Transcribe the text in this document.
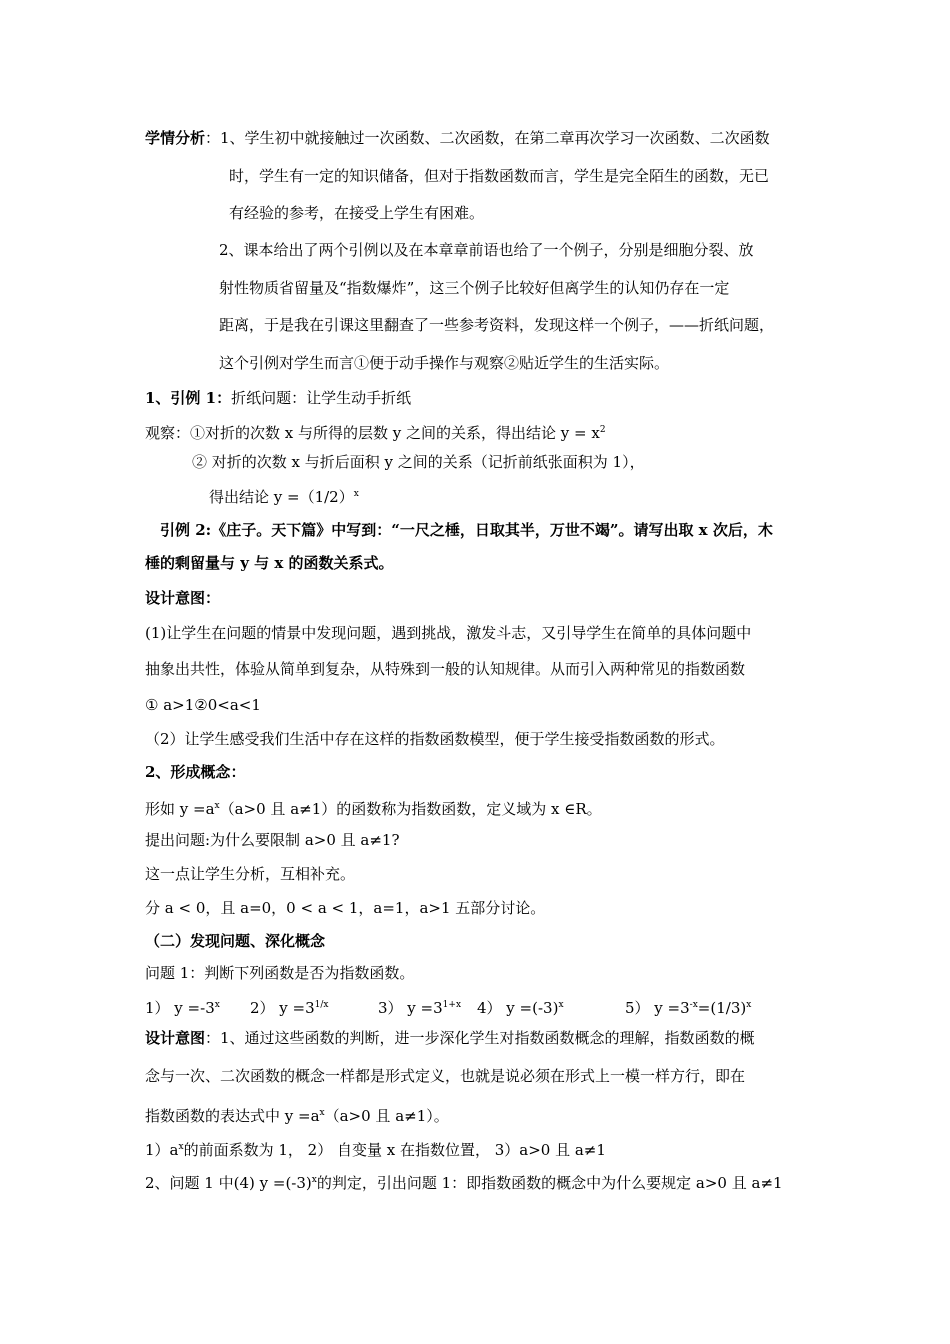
学情分析：1、学生初中就接触过一次函数、二次函数，在第二章再次学习一次函数、二次函数
时，学生有一定的知识储备，但对于指数函数而言，学生是完全陌生的函数，无已
有经验的参考，在接受上学生有困难。
2、课本给出了两个引例以及在本章章前语也给了一个例子，分别是细胞分裂、放
射性物质省留量及“指数爆炸”，这三个例子比较好但离学生的认知仍存在一定
距离，于是我在引课这里翻查了一些参考资料，发现这样一个例子，——折纸问题，
这个引例对学生而言①便于动手操作与观察②贴近学生的生活实际。
1、引例 1：折纸问题：让学生动手折纸
观察：①对折的次数 x 与所得的层数 y 之间的关系，得出结论 $y = x^2$
② 对折的次数 x 与折后面积 y 之间的关系（记折前纸张面积为 1），
得出结论 $y =(1/2)^x$
引例 2:《庄子。天下篇》中写到：“一尺之棰，日取其半，万世不竭”。请写出取 x 次后，木
棰的剩留量与 y 与 x 的函数关系式。
设计意图：
(1)让学生在问题的情景中发现问题，遇到挑战，激发斗志，又引导学生在简单的具体问题中
抽象出共性，体验从简单到复杂，从特殊到一般的认知规律。从而引入两种常见的指数函数
① a>1②0<a<1
（2）让学生感受我们生活中存在这样的指数函数模型，便于学生接受指数函数的形式。
2、形成概念：
形如 $y =a^x(a>0$ 且 a≠1）的函数称为指数函数，定义域为 x ∈R。
提出问题:为什么要限制 a>0 且 a≠1?
这一点让学生分析，互相补充。
分 a < 0，且 a=0，0 < a < 1，a=1，a>1 五部分讨论。
（二）发现问题、深化概念
问题 1：判断下列函数是否为指数函数。
1） $y =-3^x$ 2） $y =3^{1/x}$	3） $y =3^{1+x}$ 4） $y =(-3)^x$	5） $y =3^{-x}=(1/3)^x$
设计意图：1、通过这些函数的判断，进一步深化学生对指数函数概念的理解，指数函数的概
念与一次、二次函数的概念一样都是形式定义，也就是说必须在形式上一模一样方行，即在
指数函数的表达式中 $y =a^x(a>0$ 且 a≠1）。
$1)a^x$的前面系数为 1， 2） 自变量 x 在指数位置， 3）a>0 且 a≠1
2、问题 1 中(4) $y =(-3)^x$的判定，引出问题 1：即指数函数的概念中为什么要规定 a>0 且 a≠1
